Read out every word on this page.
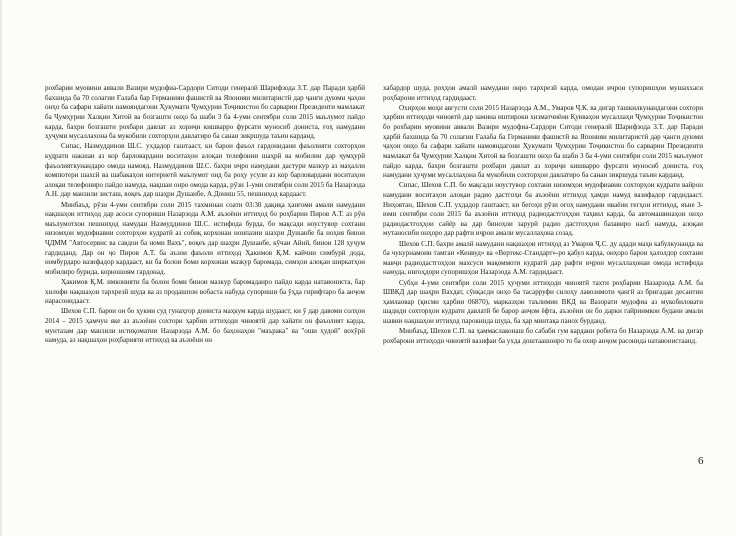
рохбарии муовини аввали Вазири мудофиа-Сардори Ситоди генералй Шарифзода З.Т. дар Паради ҳарбй бахшида ба 70 солагии Ғалаба бар Германияи фашистй ва Японияи милитаристй дар ҷанги дуюми ҷаҳон онҳо ба сафари хайати намояндагони Ҳукумати Ҷумҳурии Тоҷикистон бо сарварии Президенти мамлакат ба Ҷумҳурии Халқии Хитой ва бозгашти онҳо ба шаби 3 ба 4-уми сентябри соли 2015 маълумот пайдо карда, бахри бозгашти рохбари давлат аз хориҷи кишварро фурсати муносиб дониста, ғоҳ намудани ҳуҷуми мусаллахона ба мукобили сохторҳои давлатиро ба санаи зикршуда таъин карданд.

Сипас, Назмуддинов Ш.С. ухдадор гаштааст, ки барои фаъол гардонидани фаъолияти сохторҳои кудрати накшаи аз кор барловардани воситаҳои алоқаи телефонии шаҳрй ва мобилии дар ҷумҳурй фаъолияткунандаро омода намояд. Назмуддинов Ш.С. бахри иҷро намудани дастури мазкур аз маҳалли компютери шахсй ва шабакаҳои интернетй маълумот оид ба роҳу усули аз кор барловардани воситаҳои алоқаи телефониро пайдо намуда, нақшаи онро омода карда, рӯзи 1-уми сентябри соли 2015 ба Назарзода А.Н. дар манзили зисташ, воқеъ дар шаҳри Душанбе, А.Дониш 55, пешниҳод кардааст.

Минбаъд, рӯзи 4-уми сентябри соли 2015 тахминан соати 03:30 дақиқа ҳангоми амали намудани нақшаҳои иттиҳод дар асоси супориши Назарзода А.М. аъзоёни иттиҳод бо роҳбарии Пиров А.Т. аз рӯи маълумотхои пешниҳод намудаи Назмуддинов Ш.С. истифода бурда, бо мақсади ноустувор сохтани низомҳои мудофиавии сохторҳои кудратй аз собиқ корхонаи нонпазии шахри Душанбе ба ноҳия бинои ҶДММ "Автосервис ва савдои ба номи Вахъ", воқеъ дар шаҳри Душанбе, кӯчаи Айнй, бинои 128 ҳуҷум гардиданд. Дар он ҷо Пиров А.Т. ба аъзои фаъоли иттиҳод Ҳакимов Қ.М. кайчии симбурй дода, номбурдаро вазифадор кардааст, ки ба болои боми корхонаи мазкур баромада, симҳои алоқаи ширкатҳои мобилиро бурида, корношоям гардонад.

Ҳакимов Қ.М. имконияти ба болои боми бинои мазкур баромаданро пайдо карда натавониста, бар хилофи нақшаҳои тархрезй шуда ва аз продашпон вобаста набуда супориши ба ӯҳда гирифтаро ба анҷом нарасонидааст.

Шехов С.П. барои он бо ҳукми суд гунаҳгор дониста маҳкум карда шудааст, ки ӯ дар давоми солҳои 2014 – 2015 ҳамчун яке аз аъзоёни сохтори ҳарбии иттиҳоди чиноятй дар хайати он фаъолият карда, мунтазам дар манзили истиқоматии Назарзода А.М. бо баҳонаҳои "маъракa" ва "оши ҳудой" вохӯрй намуда, аз нақшаҳои роҳбарияти иттиҳод ва аъзоёни он

хабардор шуда, роҳҳои амалй намудани онро тархрезй карда, омодаи иҷрои супоришҳои мушаххаси роҳбарони иттиҳод гардидааст.

Охирҳои моҳи августи соли 2015 Назарзода А.М., Умаров Ҷ.К. ва дигар ташкилкунандагони сохтори ҳарбии иттиҳоди чиноятй дар замина иштироки хизматчиёни Қувваҳои мусаллаҳи Ҷумҳурии Тоҷикистон бо рохбарии муовини аввали Вазири мудофиа-Сардори Ситоди генералй Шарифзода З.Т. дар Паради ҳарбй бахшида ба 70 солагии Ғалаба ба Германияи фашистй ва Японияи милитаристй дар ҷанги дуюми ҷаҳон онҳо ба сафари хайати намояндагони Ҳукумати Ҷумҳурии Тоҷикистон бо сарварии Президенти мамлакат ба Ҷумҳурии Халқии Хитой ва бозгашти онҳо ба шаби 3 ба 4-уми сентябри соли 2015 маълумот пайдо карда, бахри бозгашти рохбари давлат аз хориҷи кишварро фурсати муносиб дониста, ғоҳ намудани ҳуҷуми мусаллаҳона ба мукобили сохторҳои давлатиро ба санаи зикршуда таъин карданд.

Сипас, Шехов С.П. бо мақсади ноустувор сохтани низомҳои мудофиавии сохторҳои кудрати вайрон намудани воситаҳои алоқаи радио дастгоҳи ба аъзоёни иттиҳод ҳамди намуд вазифадор гардидааст. Ниҳоятан, Шехов С.П. ухдадор гаштааст, ки бегоҳи рӯзи огоҳ намудани иваёни тегҳои иттиҳод, яъне 3-юми сентябри соли 2015 ба аъзоёни иттиҳод радиодастгоҳҳои таҳвил карда, ба автомашинаҳои онҳо радиодастгоҳҳои сайёр ва дар биноҳои зарурй радио дастгоҳҳои базавиро насб намуда, алоқаи мутаносиби онҳоро дар рафти иҷрои амали мусаллаҳона созад.

Шехов С.П. бахри амалй намудани нақшаҳои иттиҳод аз Умаров Ҷ.С. ду адади маҳв кабулкунанда ва ба чукурнамоии тамгаи «Кенвуд» ва «Вертекс-Стандарт»-ро қабул карда, онҳоро барои ҳалолдор сохтани мавҷи радиодастгоҳҳои махсуси мақоммоти кудратй дар рафти иҷрои мусаллаҳонаи омода истифода намуда, нигоҳдори супоришҳои Назарзода А.М. гардидааст.

Субҳи 4-уми сентябри соли 2015 ҳуҷуми иттиҳоди чиноятй тахти роҳбарии Назарзода А.М. ба ШВКД дар шаҳри Вахдат, сӯиқасди онҳо ба тасарруфи силоҳу лавозимоти ҷангй аз бригадаи десантии ҳамлаовар (қисми ҳарбии 06870), марказҳои таълимии ВКД ва Вазорати мудофиа аз мукобиловати шадиди сохторҳои кудрати давлатй бе барор анҷом ёфта, аъзоёни он бо дарки гайриимкон будани амали шавии нақшаҳои иттиҳод парокинда шуда, ба ҳар минтақа панох бурданд.

Минбаъд, Шехов С.П. ва ҳаммаслаконаш бо сабаби гум кардани робита бо Назарзода А.М. ва дигар рохбарони иттиҳоди чиноятй вазифаи ба ухда доштаашонро то ба охир анҷом расонида натавонистаанд.

6
